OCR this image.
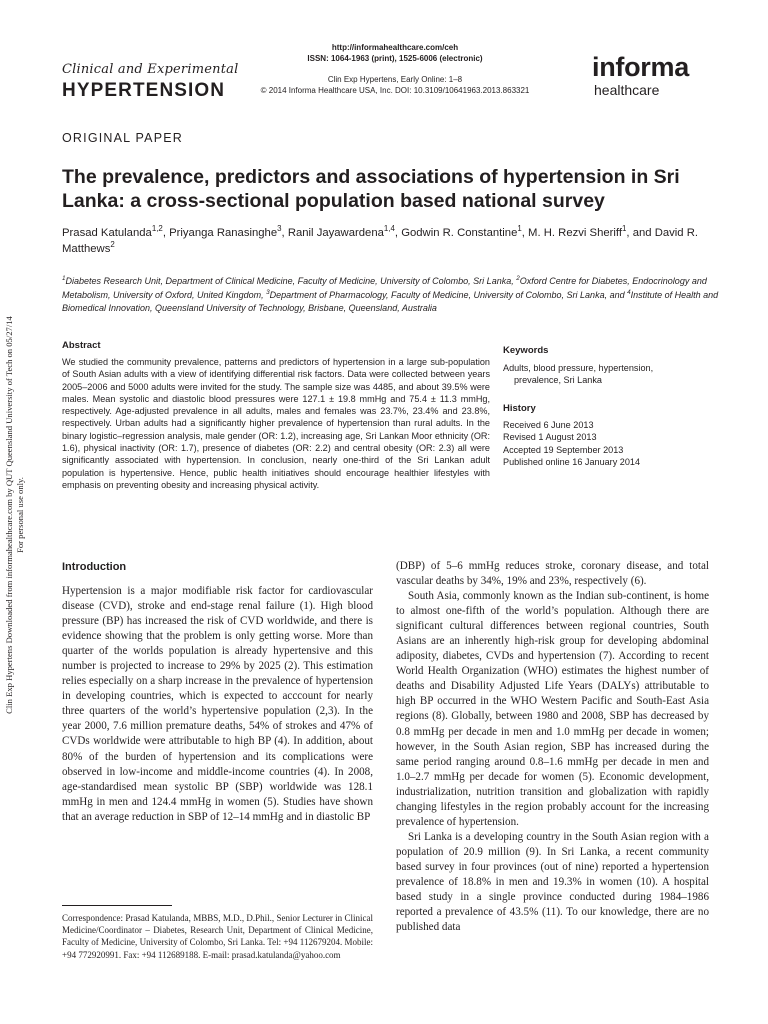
Clin Exp Hypertens Downloaded from informahealthcare.com by QUT Queensland University of Tech on 05/27/14 For personal use only.
Clinical and Experimental
HYPERTENSION
http://informahealthcare.com/ceh
ISSN: 1064-1963 (print), 1525-6006 (electronic)
Clin Exp Hypertens, Early Online: 1–8
© 2014 Informa Healthcare USA, Inc. DOI: 10.3109/10641963.2013.863321
informa
healthcare
ORIGINAL PAPER
The prevalence, predictors and associations of hypertension in Sri Lanka: a cross-sectional population based national survey
Prasad Katulanda$^{1,2}$, Priyanga Ranasinghe$^3$, Ranil Jayawardena$^{1,4}$, Godwin R. Constantine$^1$, M. H. Rezvi Sheriff$^1$, and David R. Matthews$^2$
$^1$Diabetes Research Unit, Department of Clinical Medicine, Faculty of Medicine, University of Colombo, Sri Lanka, $^2$Oxford Centre for Diabetes, Endocrinology and Metabolism, University of Oxford, United Kingdom, $^3$Department of Pharmacology, Faculty of Medicine, University of Colombo, Sri Lanka, and $^4$Institute of Health and Biomedical Innovation, Queensland University of Technology, Brisbane, Queensland, Australia
Abstract

We studied the community prevalence, patterns and predictors of hypertension in a large sub-population of South Asian adults with a view of identifying differential risk factors. Data were collected between years 2005–2006 and 5000 adults were invited for the study. The sample size was 4485, and about 39.5% were males. Mean systolic and diastolic blood pressures were 127.1 ± 19.8 mmHg and 75.4 ± 11.3 mmHg, respectively. Age-adjusted prevalence in all adults, males and females was 23.7%, 23.4% and 23.8%, respectively. Urban adults had a significantly higher prevalence of hypertension than rural adults. In the binary logistic–regression analysis, male gender (OR: 1.2), increasing age, Sri Lankan Moor ethnicity (OR: 1.6), physical inactivity (OR: 1.7), presence of diabetes (OR: 2.2) and central obesity (OR: 2.3) all were significantly associated with hypertension. In conclusion, nearly one-third of the Sri Lankan adult population is hypertensive. Hence, public health initiatives should encourage healthier lifestyles with emphasis on preventing obesity and increasing physical activity.

Keywords

Adults, blood pressure, hypertension,
prevalence, Sri Lanka

History
Received 6 June 2013
Revised 1 August 2013
Accepted 19 September 2013
Published online 16 January 2014
Introduction

Hypertension is a major modifiable risk factor for cardiovascular disease (CVD), stroke and end-stage renal failure (1). High blood pressure (BP) has increased the risk of CVD worldwide, and there is evidence showing that the problem is only getting worse. More than quarter of the worlds population is already hypertensive and this number is projected to increase to 29% by 2025 (2). This estimation relies especially on a sharp increase in the prevalence of hypertension in developing countries, which is expected to acccount for nearly three quarters of the world’s hypertensive population (2,3). In the year 2000, 7.6 million premature deaths, 54% of strokes and 47% of CVDs worldwide were attributable to high BP (4). In addition, about 80% of the burden of hypertension and its complications were observed in low-income and middle-income countries (4). In 2008, age-standardised mean systolic BP (SBP) worldwide was 128.1 mmHg in men and 124.4 mmHg in women (5). Studies have shown that an average reduction in SBP of 12–14 mmHg and in diastolic BP

(DBP) of 5–6 mmHg reduces stroke, coronary disease, and total vascular deaths by 34%, 19% and 23%, respectively (6).

South Asia, commonly known as the Indian sub-continent, is home to almost one-fifth of the world’s population. Although there are significant cultural differences between regional countries, South Asians are an inherently high-risk group for developing abdominal adiposity, diabetes, CVDs and hypertension (7). According to recent World Health Organization (WHO) estimates the highest number of deaths and Disability Adjusted Life Years (DALYs) attributable to high BP occurred in the WHO Western Pacific and South-East Asia regions (8). Globally, between 1980 and 2008, SBP has decreased by 0.8 mmHg per decade in men and 1.0 mmHg per decade in women; however, in the South Asian region, SBP has increased during the same period ranging around 0.8–1.6 mmHg per decade in men and 1.0–2.7 mmHg per decade for women (5). Economic development, industrialization, nutrition transition and globalization with rapidly changing lifestyles in the region probably account for the increasing prevalence of hypertension.

Sri Lanka is a developing country in the South Asian region with a population of 20.9 million (9). In Sri Lanka, a recent community based survey in four provinces (out of nine) reported a hypertension prevalence of 18.8% in men and 19.3% in women (10). A hospital based study in a single province conducted during 1984–1986 reported a prevalence of 43.5% (11). To our knowledge, there are no published data

Correspondence: Prasad Katulanda, MBBS, M.D., D.Phil., Senior Lecturer in Clinical Medicine/Coordinator – Diabetes, Research Unit, Department of Clinical Medicine, Faculty of Medicine, University of Colombo, Sri Lanka. Tel: +94 112679204. Mobile: +94 772920991. Fax: +94 112689188. E-mail: prasad.katulanda@yahoo.com
